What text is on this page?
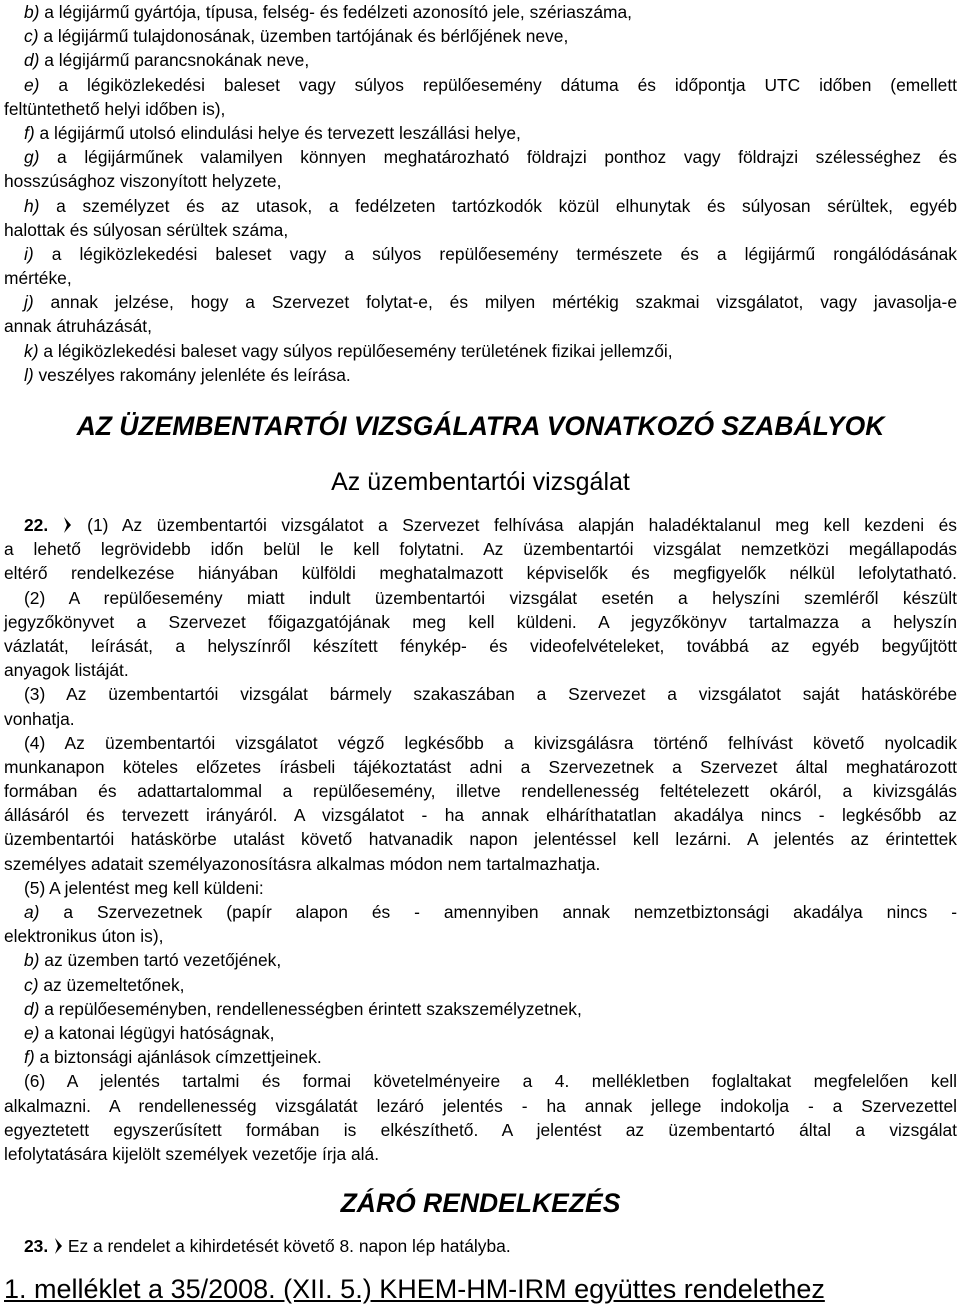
b) a légijármű gyártója, típusa, felség- és fedélzeti azonosító jele, szériaszáma,
c) a légijármű tulajdonosának, üzemben tartójának és bérlőjének neve,
d) a légijármű parancsnokának neve,
e) a légiközlekedési baleset vagy súlyos repülőesemény dátuma és időpontja UTC időben (emellett
feltüntethető helyi időben is),
f) a légijármű utolsó elindulási helye és tervezett leszállási helye,
g) a légijárműnek valamilyen könnyen meghatározható földrajzi ponthoz vagy földrajzi szélességhez és
hosszúsághoz viszonyított helyzete,
h) a személyzet és az utasok, a fedélzeten tartózkodók közül elhunytak és súlyosan sérültek, egyéb
halottak és súlyosan sérültek száma,
i) a légiközlekedési baleset vagy a súlyos repülőesemény természete és a légijármű rongálódásának
mértéke,
j) annak jelzése, hogy a Szervezet folytat-e, és milyen mértékig szakmai vizsgálatot, vagy javasolja-e
annak átruházását,
k) a légiközlekedési baleset vagy súlyos repülőesemény területének fizikai jellemzői,
l) veszélyes rakomány jelenléte és leírása.
AZ ÜZEMBENTARTÓI VIZSGÁLATRA VONATKOZÓ SZABÁLYOK
Az üzembentartói vizsgálat
22.  (1) Az üzembentartói vizsgálatot a Szervezet felhívása alapján haladéktalanul meg kell kezdeni és
a lehető legrövidebb időn belül le kell folytatni. Az üzembentartói vizsgálat nemzetközi megállapodás
eltérő rendelkezése hiányában külföldi meghatalmazott képviselők és megfigyelők nélkül lefolytatható.
(2) A repülőesemény miatt indult üzembentartói vizsgálat esetén a helyszíni szemléről készült
jegyzőkönyvet a Szervezet főigazgatójának meg kell küldeni. A jegyzőkönyv tartalmazza a helyszín
vázlatát, leírását, a helyszínről készített fénykép- és videofelvételeket, továbbá az egyéb begyűjtött
anyagok listáját.
(3) Az üzembentartói vizsgálat bármely szakaszában a Szervezet a vizsgálatot saját hatáskörébe
vonhatja.
(4) Az üzembentartói vizsgálatot végző legkésőbb a kivizsgálásra történő felhívást követő nyolcadik
munkanapon köteles előzetes írásbeli tájékoztatást adni a Szervezetnek a Szervezet által meghatározott
formában és adattartalommal a repülőesemény, illetve rendellenesség feltételezett okáról, a kivizsgálás
állásáról és tervezett irányáról. A vizsgálatot - ha annak elháríthatatlan akadálya nincs - legkésőbb az
üzembentartói hatáskörbe utalást követő hatvanadik napon jelentéssel kell lezárni. A jelentés az érintettek
személyes adatait személyazonosításra alkalmas módon nem tartalmazhatja.
(5) A jelentést meg kell küldeni:
a) a Szervezetnek (papír alapon és - amennyiben annak nemzetbiztonsági akadálya nincs -
elektronikus úton is),
b) az üzemben tartó vezetőjének,
c) az üzemeltetőnek,
d) a repülőeseményben, rendellenességben érintett szakszemélyzetnek,
e) a katonai légügyi hatóságnak,
f) a biztonsági ajánlások címzettjeinek.
(6) A jelentés tartalmi és formai követelményeire a 4. mellékletben foglaltakat megfelelően kell
alkalmazni. A rendellenesség vizsgálatát lezáró jelentés - ha annak jellege indokolja - a Szervezettel
egyeztetett egyszerűsített formában is elkészíthető. A jelentést az üzembentartó által a vizsgálat
lefolytatására kijelölt személyek vezetője írja alá.
ZÁRÓ RENDELKEZÉS
23.  Ez a rendelet a kihirdetését követő 8. napon lép hatályba.
1. melléklet a 35/2008. (XII. 5.) KHEM-HM-IRM együttes rendelethez
